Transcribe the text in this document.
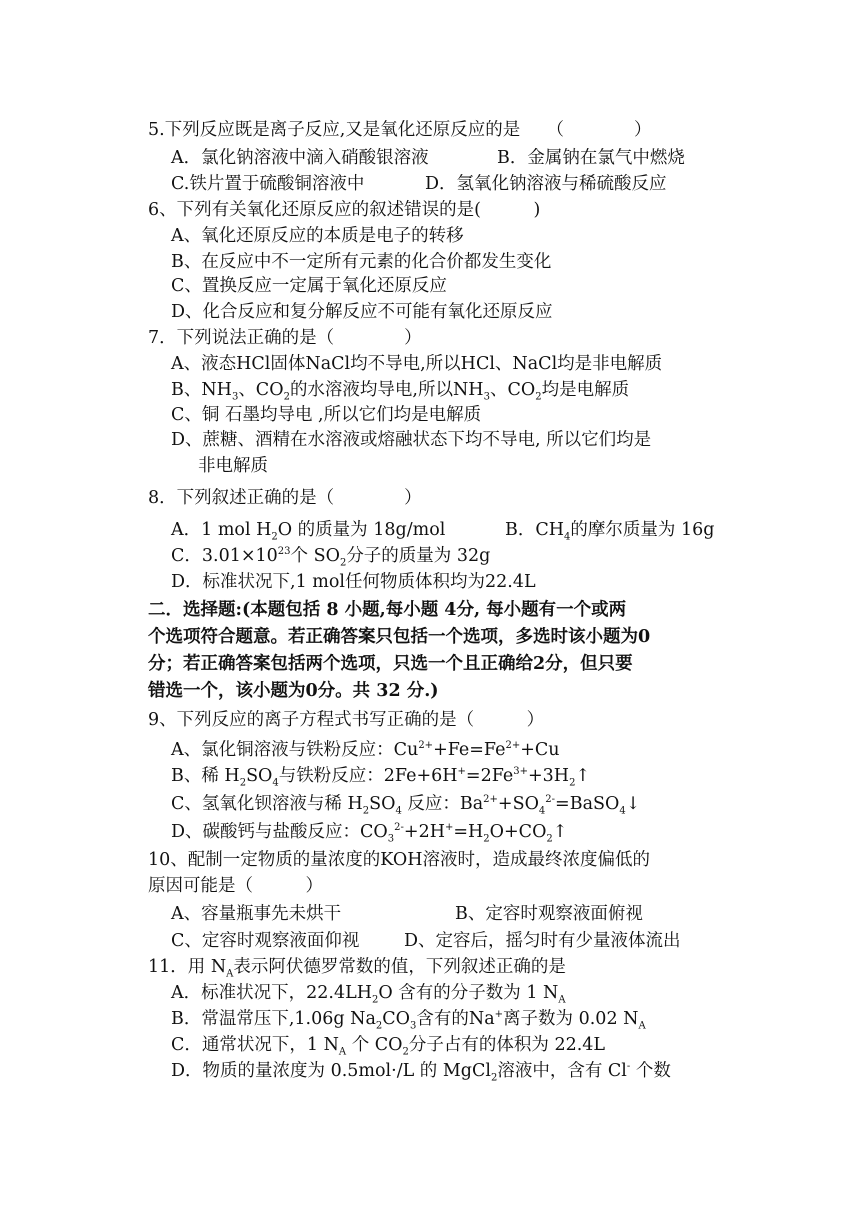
5.下列反应既是离子反应,又是氧化还原反应的是　　（　　　　）
A．氯化钠溶液中滴入硝酸银溶液	B．金属钠在氯气中燃烧
C.铁片置于硫酸铜溶液中	D．氢氧化钠溶液与稀硫酸反应
6、下列有关氧化还原反应的叙述错误的是(　　　)
A、氧化还原反应的本质是电子的转移
B、在反应中不一定所有元素的化合价都发生变化
C、置换反应一定属于氧化还原反应
D、化合反应和复分解反应不可能有氧化还原反应
7．下列说法正确的是（　　　　）
A、液态HCl固体NaCl均不导电,所以HCl、NaCl均是非电解质
B、$NH_3$、$CO_2$的水溶液均导电,所以$NH_3$、$CO_2$均是电解质
C、铜 石墨均导电 ,所以它们均是电解质
D、蔗糖、酒精在水溶液或熔融状态下均不导电, 所以它们均是
非电解质
8．下列叙述正确的是（　　　　）
A．1 mol $H_2O$ 的质量为 18g/mol	B．$CH_4$的摩尔质量为 16g
C．$3.01\times 10^{23}$个 $SO_2$分子的质量为 32g
D．标准状况下,1 mol任何物质体积均为22.4L
二．选择题:(本题包括 8 小题,每小题 4分, 每小题有一个或两
个选项符合题意。若正确答案只包括一个选项，多选时该小题为0
分；若正确答案包括两个选项，只选一个且正确给2分，但只要
错选一个，该小题为0分。共 32 分.)
9、下列反应的离子方程式书写正确的是（　　　）
A、氯化铜溶液与铁粉反应：$Cu^{2+}+Fe=Fe^{2+}+Cu$
B、稀 $H_2SO_4$与铁粉反应：$2Fe+6H^+=2Fe^{3+}+3H_2↑$
C、氢氧化钡溶液与稀 $H_2SO_4$ 反应：$Ba^{2+}+SO_4^{2-}=BaSO_4↓$
D、碳酸钙与盐酸反应：$CO_3^{2-}+2H^+=H_2O+CO_2↑$
10、配制一定物质的量浓度的KOH溶液时，造成最终浓度偏低的
原因可能是（　　　）
A、容量瓶事先未烘干	B、定容时观察液面俯视
C、定容时观察液面仰视	D、定容后，摇匀时有少量液体流出
11．用 $N_A$表示阿伏德罗常数的值，下列叙述正确的是
A．标准状况下，$22.4LH_2O$ 含有的分子数为 1 $N_A$
B．常温常压下,1.06g $Na_2CO_3$含有的Na+离子数为 0.02 $N_A$
C．通常状况下，1 $N_A$ 个 $CO_2$分子占有的体积为 22.4L
D．物质的量浓度为 0.5mol·/L 的 MgCl$_2$溶液中，含有 Cl- 个数
